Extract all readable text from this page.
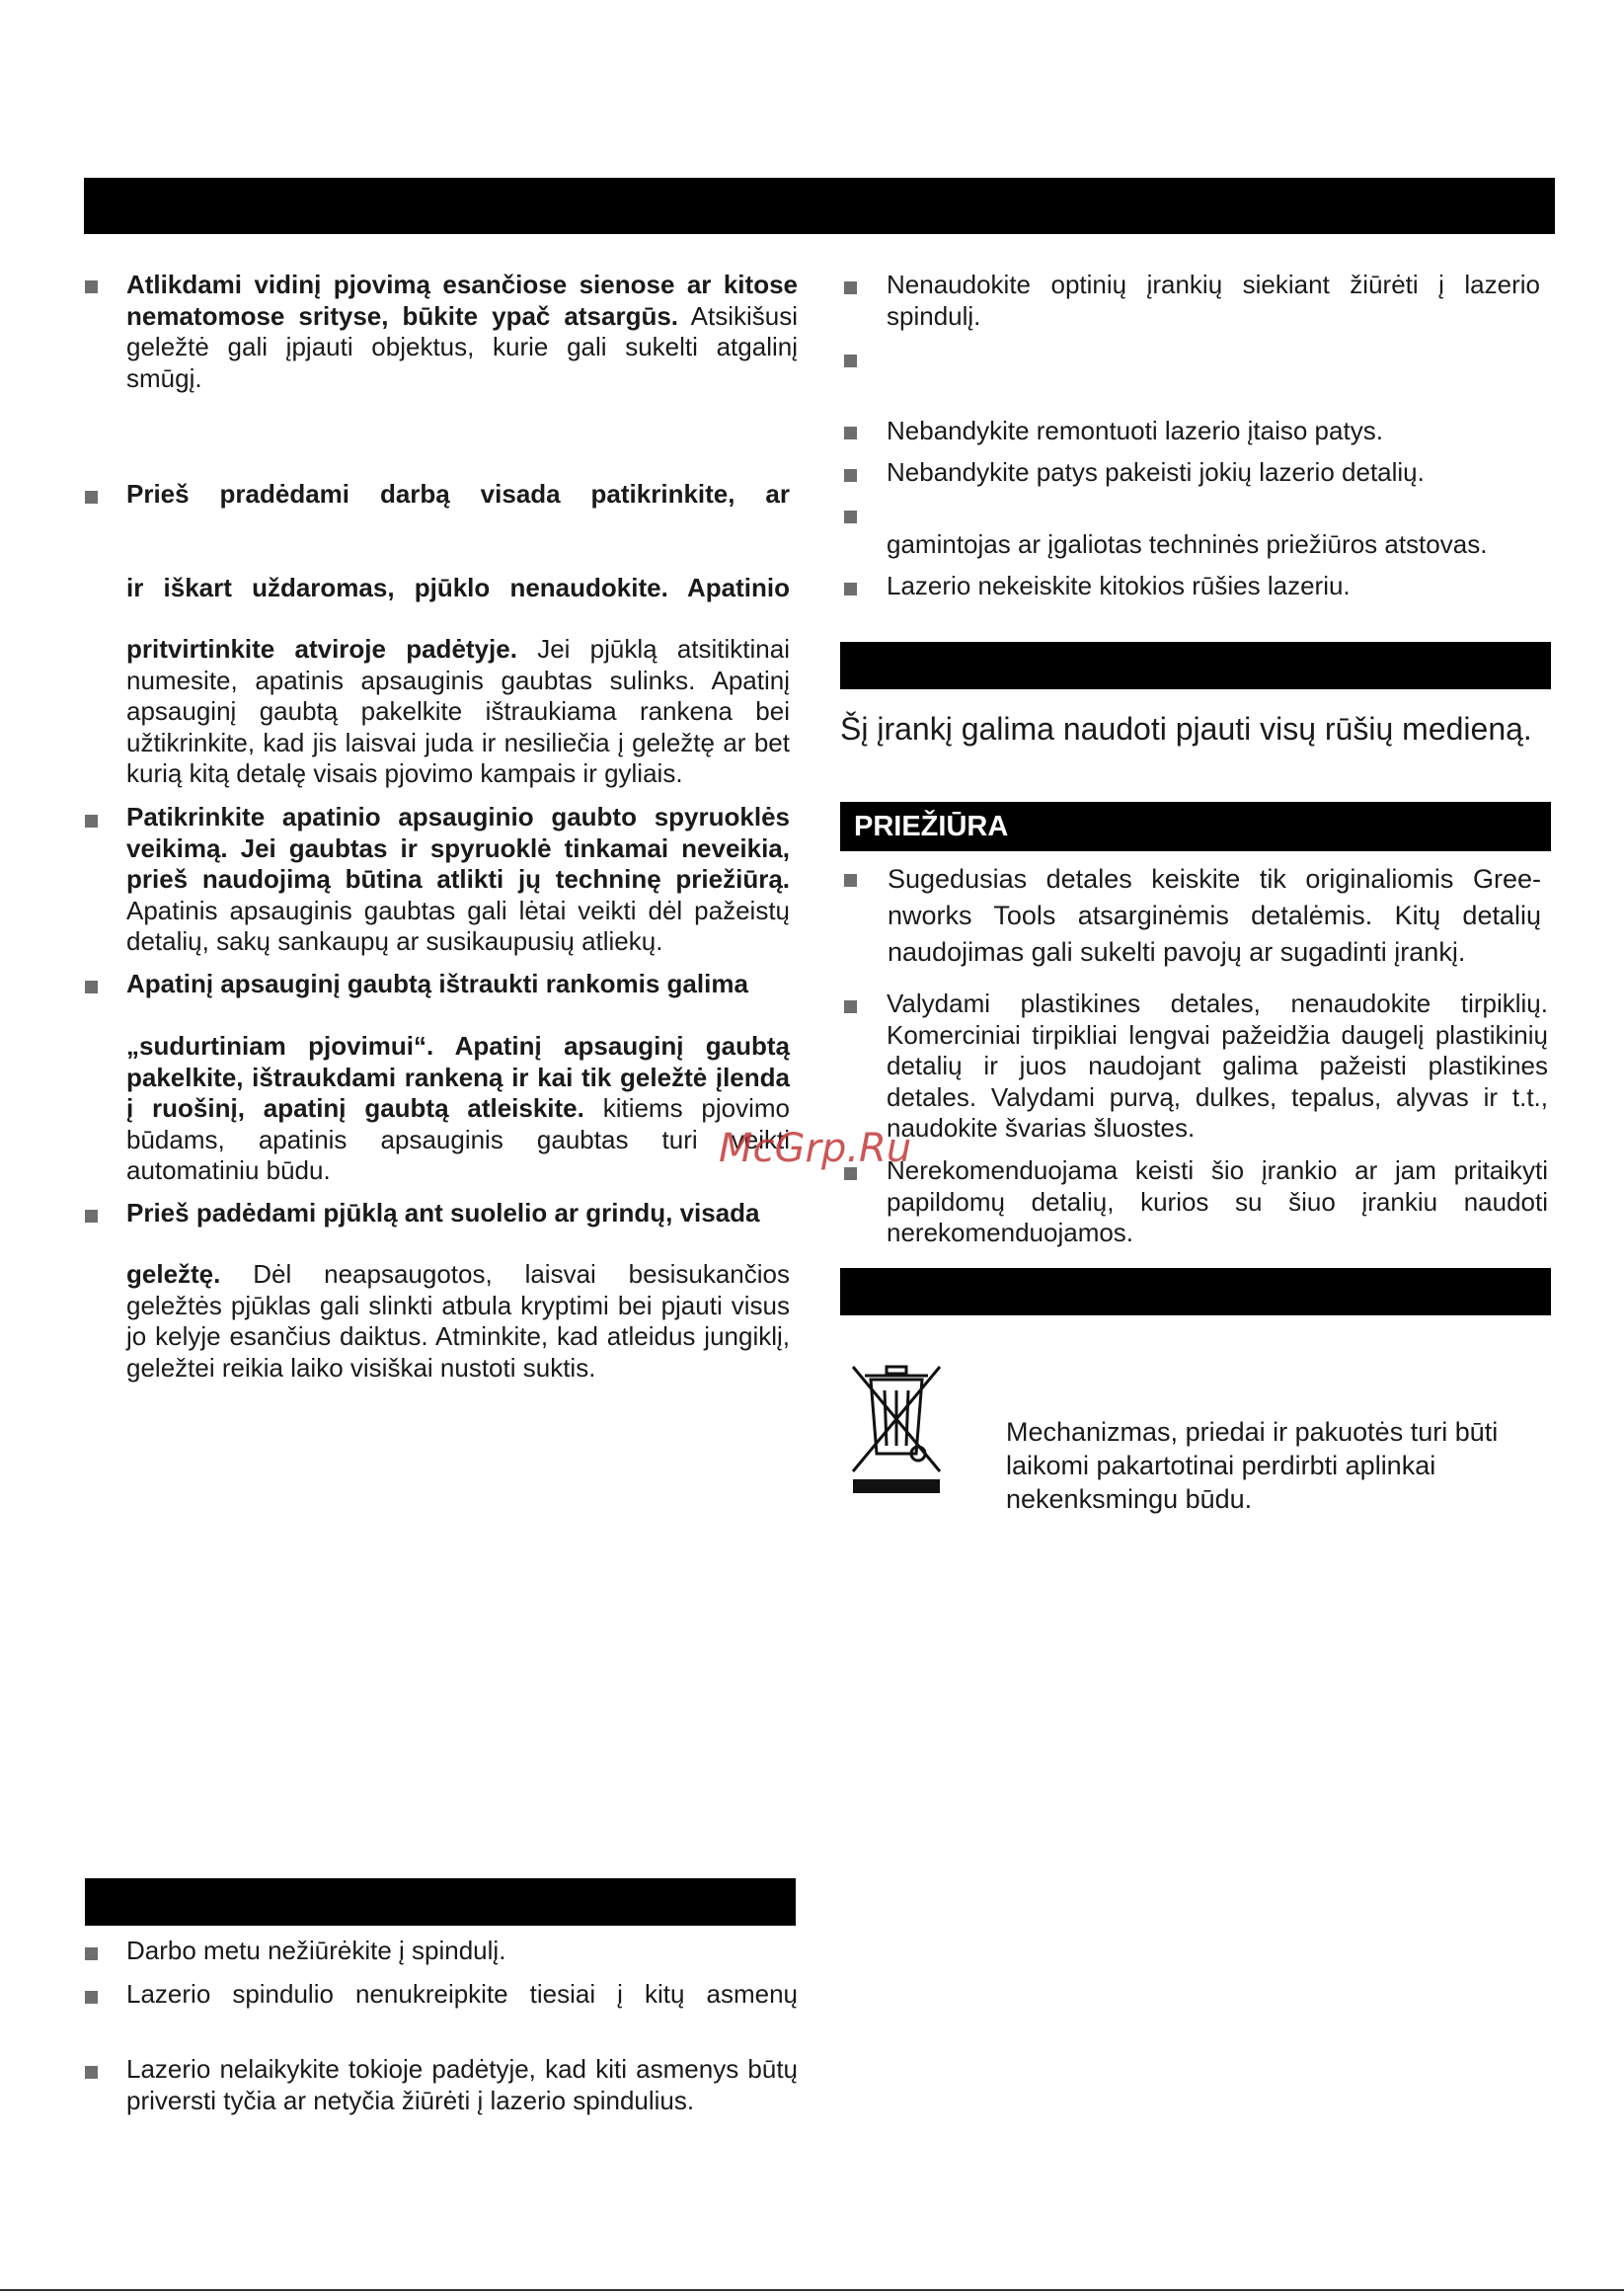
Atlikdami vidinį pjovimą esančiose sienose ar kitose nematomose srityse, būkite ypač atsargūs. Atsikišusi geležtė gali įpjauti objektus, kurie gali sukelti atgalinį smūgį.
Prieš pradėdami darbą visada patikrinkite, ar
ir iškart uždaromas, pjūklo nenaudokite. Apatinio
pritvirtinkite atviroje padėtyje. Jei pjūklą atsitiktinai numesite, apatinis apsauginis gaubtas sulinks. Apatinį apsauginį gaubtą pakelkite ištraukiama rankena bei užtikrinkite, kad jis laisvai juda ir nesiliečia į geležtę ar bet kurią kitą detalę visais pjovimo kampais ir gyliais.
Patikrinkite apatinio apsauginio gaubto spyruoklės veikimą. Jei gaubtas ir spyruoklė tinkamai neveikia, prieš naudojimą būtina atlikti jų techninę priežiūrą. Apatinis apsauginis gaubtas gali lėtai veikti dėl pažeistų detalių, sakų sankaupų ar susikaupusių atliekų.
Apatinį apsauginį gaubtą ištraukti rankomis galima
„sudurtiniam pjovimui“. Apatinį apsauginį gaubtą pakelkite, ištraukdami rankeną ir kai tik geležtė įlenda į ruošinį, apatinį gaubtą atleiskite. kitiems pjovimo būdams, apatinis apsauginis gaubtas turi veikti automatiniu būdu.
Prieš padėdami pjūklą ant suolelio ar grindų, visada
geležtę. Dėl neapsaugotos, laisvai besisukančios geležtės pjūklas gali slinkti atbula kryptimi bei pjauti visus jo kelyje esančius daiktus. Atminkite, kad atleidus jungiklį, geležtei reikia laiko visiškai nustoti suktis.
Darbo metu nežiūrėkite į spindulį.
Lazerio spindulio nenukreipkite tiesiai į kitų asmenų
Lazerio nelaikykite tokioje padėtyje, kad kiti asmenys būtų priversti tyčia ar netyčia žiūrėti į lazerio spindulius.
Nenaudokite optinių įrankių siekiant žiūrėti į lazerio spindulį.
Nebandykite remontuoti lazerio įtaiso patys.
Nebandykite patys pakeisti jokių lazerio detalių.
gamintojas ar įgaliotas techninės priežiūros atstovas.
Lazerio nekeiskite kitokios rūšies lazeriu.
Šį įrankį galima naudoti pjauti visų rūšių medieną.
PRIEŽIŪRA
Sugedusias detales keiskite tik originaliomis Gree- nworks Tools atsarginėmis detalėmis. Kitų detalių naudojimas gali sukelti pavojų ar sugadinti įrankį.
Valydami plastikines detales, nenaudokite tirpiklių. Komerciniai tirpikliai lengvai pažeidžia daugelį plastikinių detalių ir juos naudojant galima pažeisti plastikines detales. Valydami purvą, dulkes, tepalus, alyvas ir t.t., naudokite švarias šluostes.
Nerekomenduojama keisti šio įrankio ar jam pritaikyti papildomų detalių, kurios su šiuo įrankiu naudoti nerekomenduojamos.
Mechanizmas, priedai ir pakuotės turi būti laikomi pakartotinai perdirbti aplinkai nekenksmingu būdu.
McGrp.Ru
